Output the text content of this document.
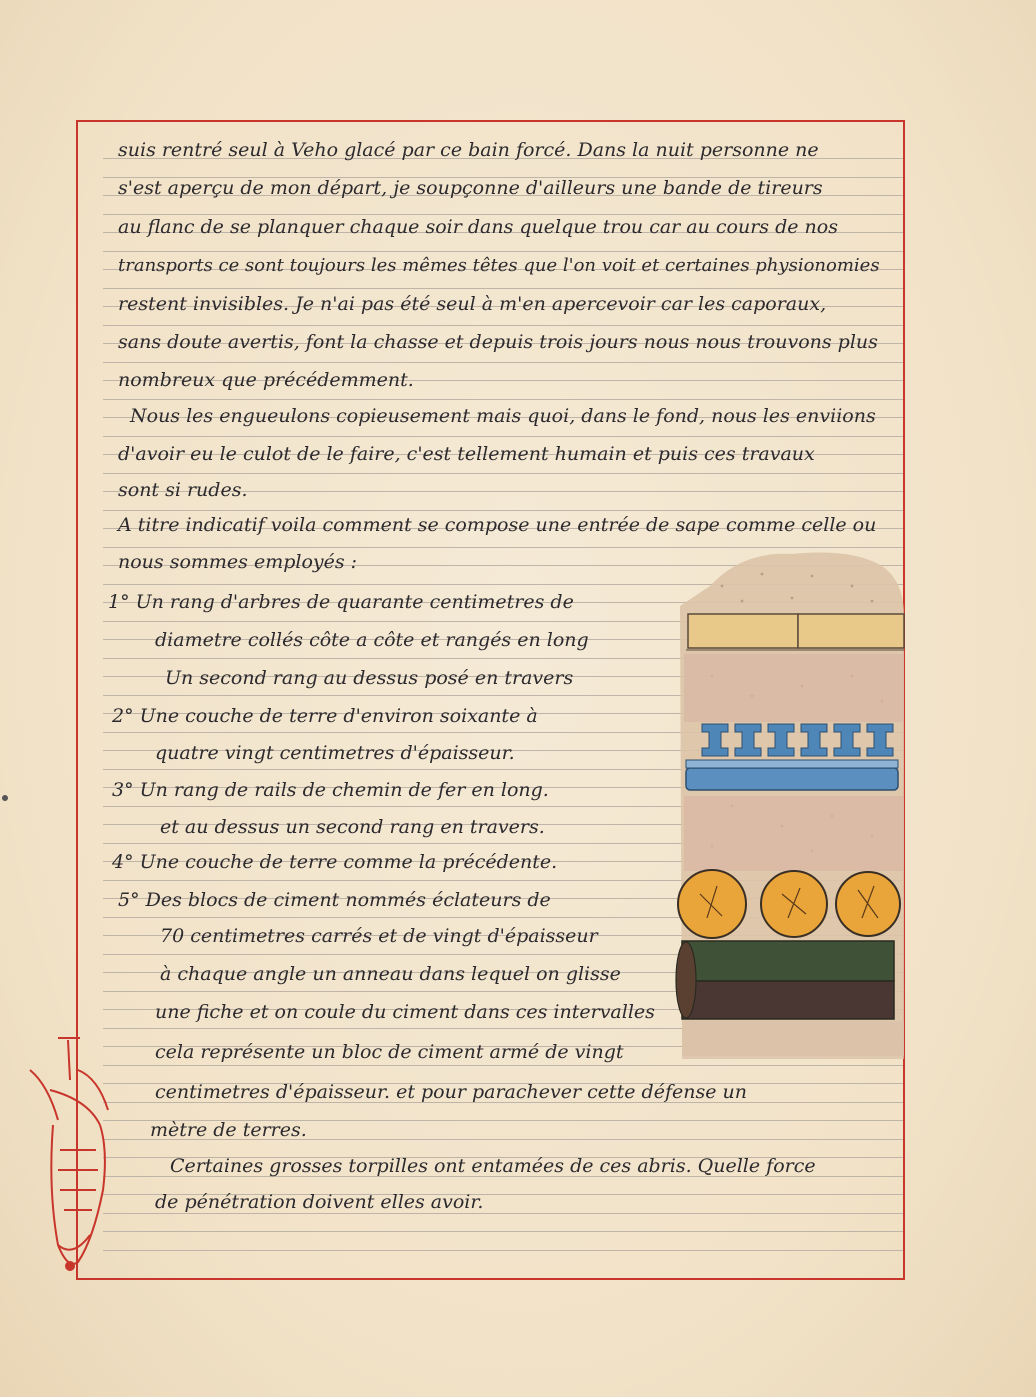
suis rentré seul à Veho glacé par ce bain forcé. Dans la nuit personne ne
s'est aperçu de mon départ, je soupçonne d'ailleurs une bande de tireurs
au flanc de se planquer chaque soir dans quelque trou car au cours de nos
transports ce sont toujours les mêmes têtes que l'on voit et certaines physionomies
restent invisibles. Je n'ai pas été seul à m'en apercevoir car les caporaux,
sans doute avertis, font la chasse et depuis trois jours nous nous trouvons plus
nombreux que précédemment.
Nous les engueulons copieusement mais quoi, dans le fond, nous les enviions
d'avoir eu le culot de le faire, c'est tellement humain et puis ces travaux
sont si rudes.
A titre indicatif voila comment se compose une entrée de sape comme celle ou
nous sommes employés :
1° Un rang d'arbres de quarante centimetres de
diametre collés côte a côte et rangés en long
Un second rang au dessus posé en travers
2° Une couche de terre d'environ soixante à
quatre vingt centimetres d'épaisseur.
3° Un rang de rails de chemin de fer en long.
et au dessus un second rang en travers.
4° Une couche de terre comme la précédente.
5° Des blocs de ciment nommés éclateurs de
70 centimetres carrés et de vingt d'épaisseur
à chaque angle un anneau dans lequel on glisse
une fiche et on coule du ciment dans ces intervalles
cela représente un bloc de ciment armé de vingt
centimetres d'épaisseur. et pour parachever cette défense un
mètre de terres.
Certaines grosses torpilles ont entamées de ces abris. Quelle force
de pénétration doivent elles avoir.
